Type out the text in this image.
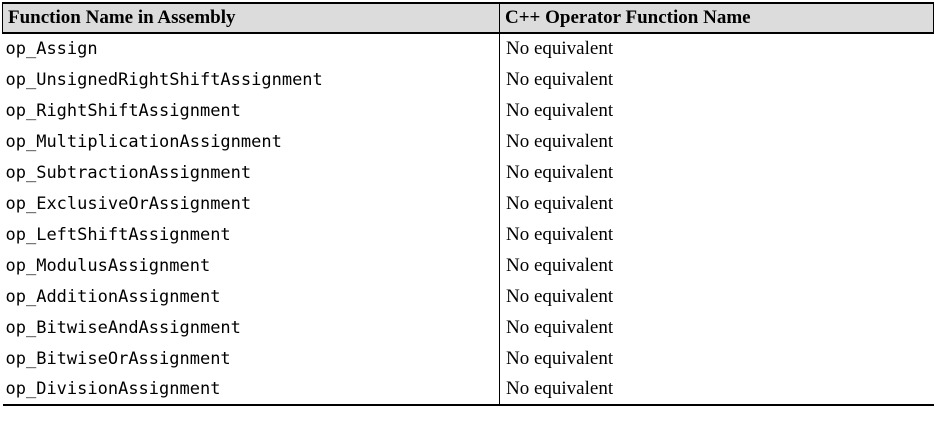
Function Name in Assembly	C++ Operator Function Name
op_Assign	No equivalent
op_UnsignedRightShiftAssignment	No equivalent
op_RightShiftAssignment	No equivalent
op_MultiplicationAssignment	No equivalent
op_SubtractionAssignment	No equivalent
op_ExclusiveOrAssignment	No equivalent
op_LeftShiftAssignment	No equivalent
op_ModulusAssignment	No equivalent
op_AdditionAssignment	No equivalent
op_BitwiseAndAssignment	No equivalent
op_BitwiseOrAssignment	No equivalent
op_DivisionAssignment	No equivalent
